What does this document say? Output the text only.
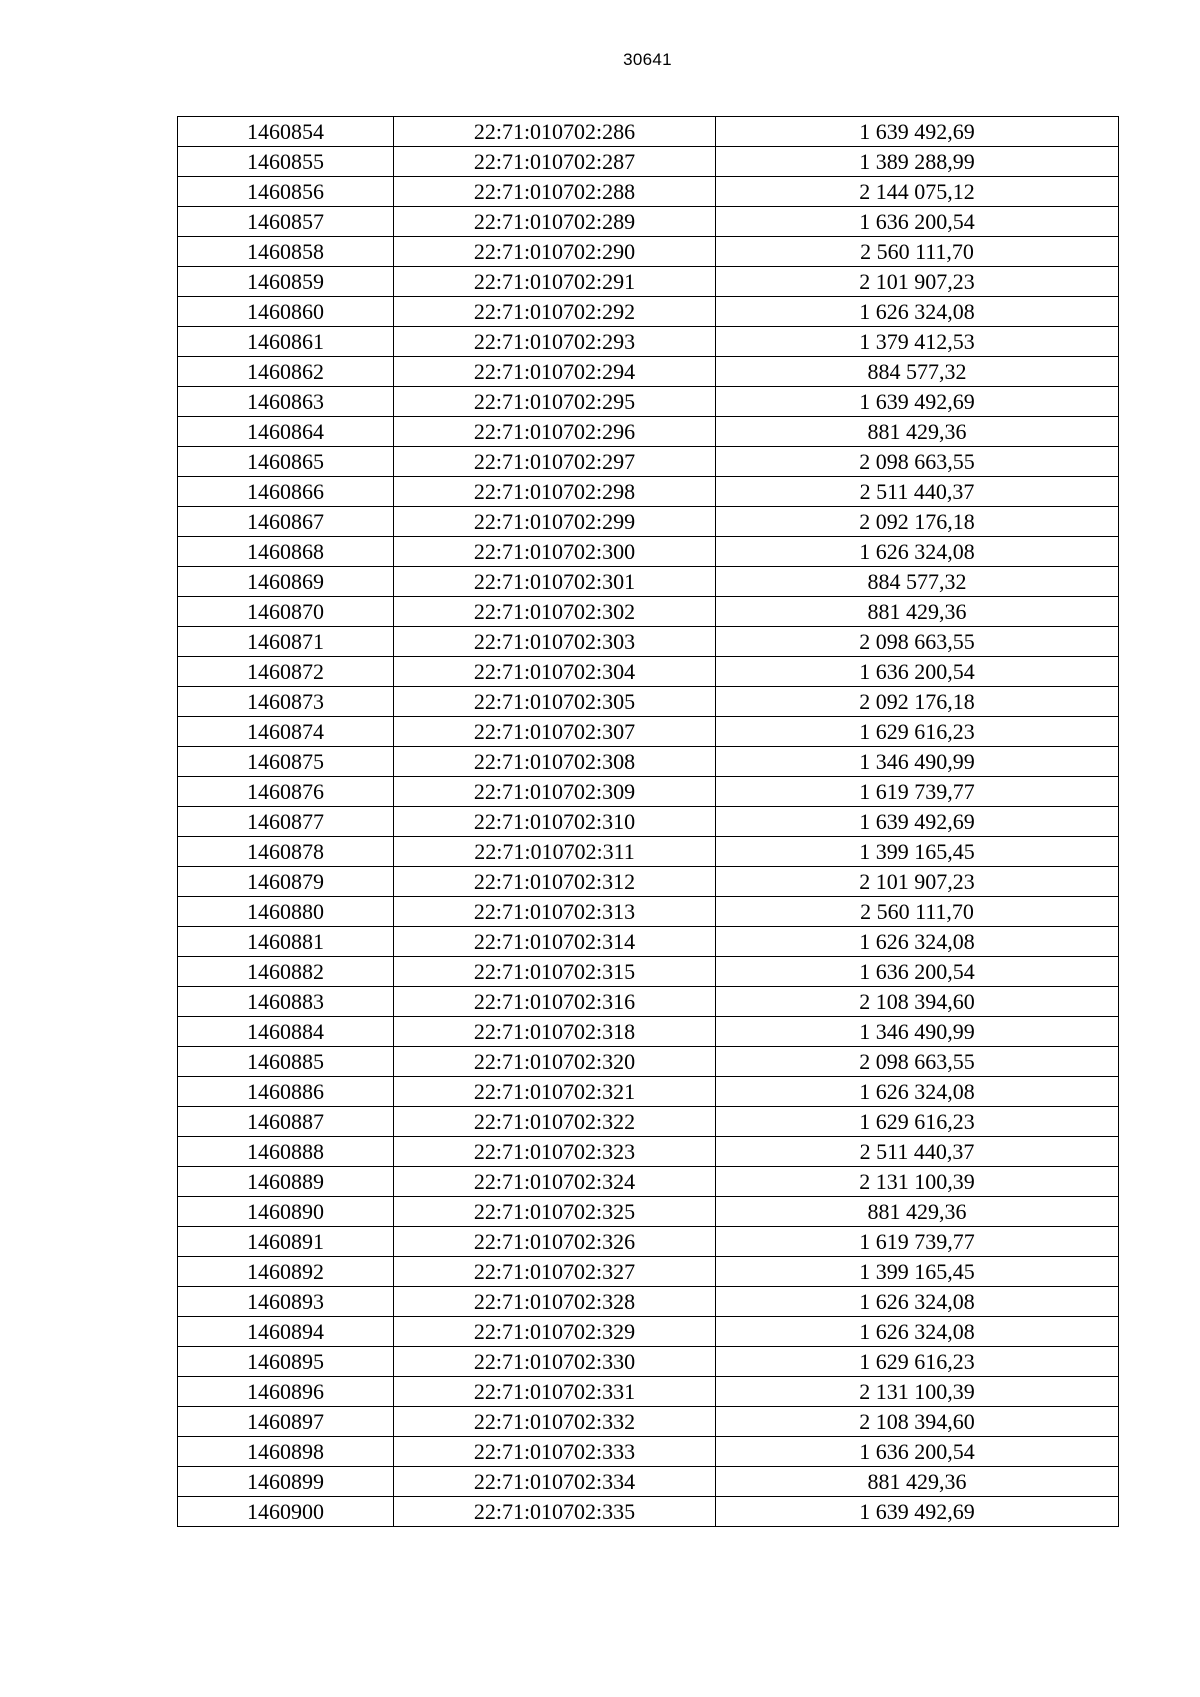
30641
1460854	22:71:010702:286	1 639 492,69
1460855	22:71:010702:287	1 389 288,99
1460856	22:71:010702:288	2 144 075,12
1460857	22:71:010702:289	1 636 200,54
1460858	22:71:010702:290	2 560 111,70
1460859	22:71:010702:291	2 101 907,23
1460860	22:71:010702:292	1 626 324,08
1460861	22:71:010702:293	1 379 412,53
1460862	22:71:010702:294	884 577,32
1460863	22:71:010702:295	1 639 492,69
1460864	22:71:010702:296	881 429,36
1460865	22:71:010702:297	2 098 663,55
1460866	22:71:010702:298	2 511 440,37
1460867	22:71:010702:299	2 092 176,18
1460868	22:71:010702:300	1 626 324,08
1460869	22:71:010702:301	884 577,32
1460870	22:71:010702:302	881 429,36
1460871	22:71:010702:303	2 098 663,55
1460872	22:71:010702:304	1 636 200,54
1460873	22:71:010702:305	2 092 176,18
1460874	22:71:010702:307	1 629 616,23
1460875	22:71:010702:308	1 346 490,99
1460876	22:71:010702:309	1 619 739,77
1460877	22:71:010702:310	1 639 492,69
1460878	22:71:010702:311	1 399 165,45
1460879	22:71:010702:312	2 101 907,23
1460880	22:71:010702:313	2 560 111,70
1460881	22:71:010702:314	1 626 324,08
1460882	22:71:010702:315	1 636 200,54
1460883	22:71:010702:316	2 108 394,60
1460884	22:71:010702:318	1 346 490,99
1460885	22:71:010702:320	2 098 663,55
1460886	22:71:010702:321	1 626 324,08
1460887	22:71:010702:322	1 629 616,23
1460888	22:71:010702:323	2 511 440,37
1460889	22:71:010702:324	2 131 100,39
1460890	22:71:010702:325	881 429,36
1460891	22:71:010702:326	1 619 739,77
1460892	22:71:010702:327	1 399 165,45
1460893	22:71:010702:328	1 626 324,08
1460894	22:71:010702:329	1 626 324,08
1460895	22:71:010702:330	1 629 616,23
1460896	22:71:010702:331	2 131 100,39
1460897	22:71:010702:332	2 108 394,60
1460898	22:71:010702:333	1 636 200,54
1460899	22:71:010702:334	881 429,36
1460900	22:71:010702:335	1 639 492,69
